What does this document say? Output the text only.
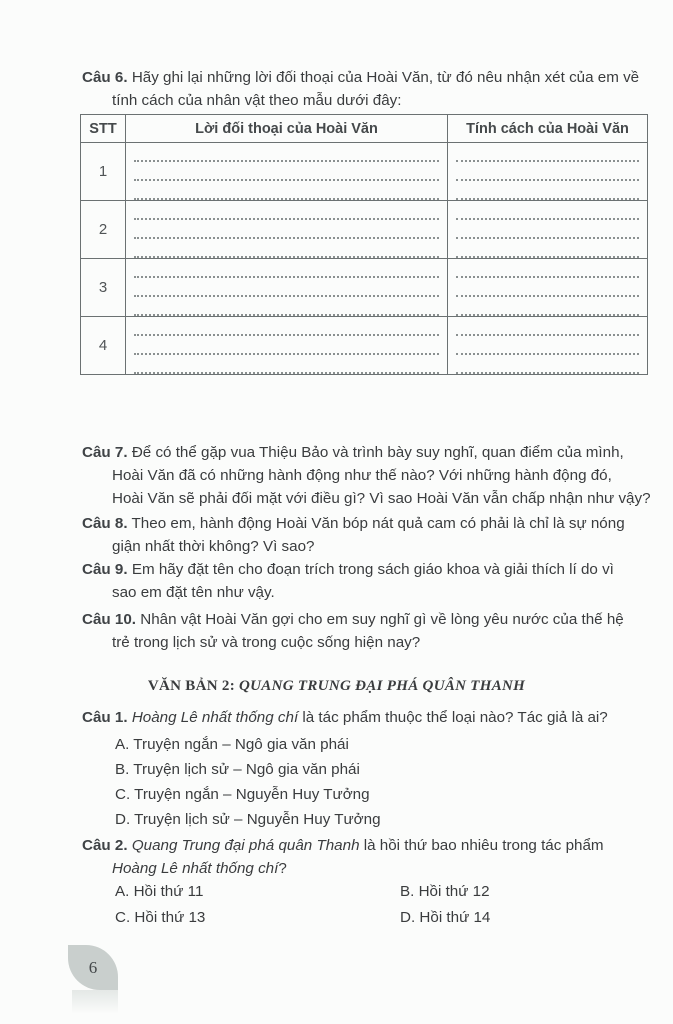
Câu 6. Hãy ghi lại những lời đối thoại của Hoài Văn, từ đó nêu nhận xét của em về
tính cách của nhân vật theo mẫu dưới đây:
STT	Lời đối thoại của Hoài Văn	Tính cách của Hoài Văn
1	

2	

3	

4	

Câu 7. Để có thể gặp vua Thiệu Bảo và trình bày suy nghĩ, quan điểm của mình,
Hoài Văn đã có những hành động như thế nào? Với những hành động đó,
Hoài Văn sẽ phải đối mặt với điều gì? Vì sao Hoài Văn vẫn chấp nhận như vậy?
Câu 8. Theo em, hành động Hoài Văn bóp nát quả cam có phải là chỉ là sự nóng
giận nhất thời không? Vì sao?
Câu 9. Em hãy đặt tên cho đoạn trích trong sách giáo khoa và giải thích lí do vì
sao em đặt tên như vậy.
Câu 10. Nhân vật Hoài Văn gợi cho em suy nghĩ gì về lòng yêu nước của thế hệ
trẻ trong lịch sử và trong cuộc sống hiện nay?
VĂN BẢN 2: QUANG TRUNG ĐẠI PHÁ QUÂN THANH
Câu 1. Hoàng Lê nhất thống chí là tác phẩm thuộc thể loại nào? Tác giả là ai?
A. Truyện ngắn – Ngô gia văn phái
B. Truyện lịch sử – Ngô gia văn phái
C. Truyện ngắn – Nguyễn Huy Tưởng
D. Truyện lịch sử – Nguyễn Huy Tưởng
Câu 2. Quang Trung đại phá quân Thanh là hồi thứ bao nhiêu trong tác phẩm
Hoàng Lê nhất thống chí?
A. Hồi thứ 11	B. Hồi thứ 12
C. Hồi thứ 13	D. Hồi thứ 14
6
